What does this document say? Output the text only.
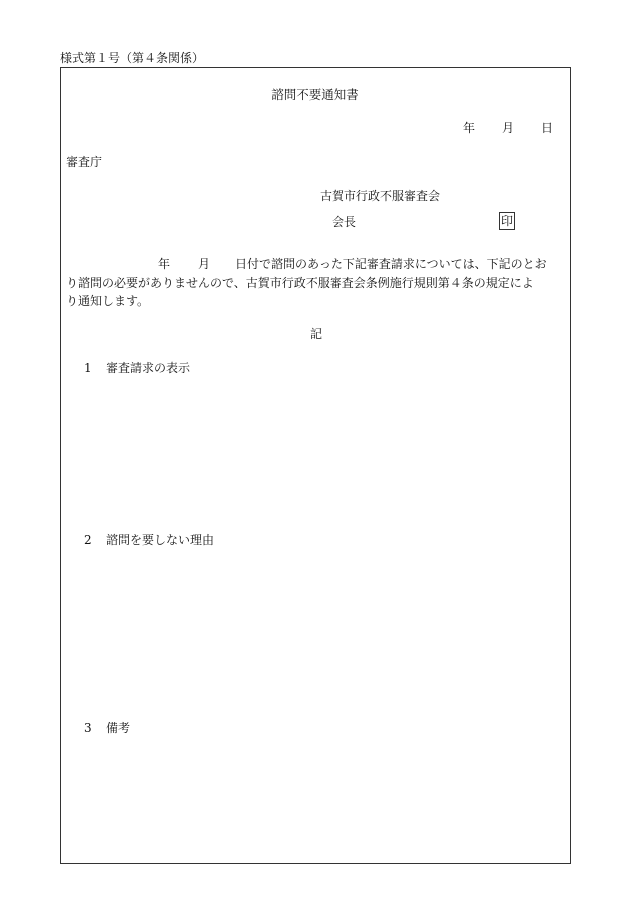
様式第１号（第４条関係）
諮問不要通知書
年 月 日
審査庁
古賀市行政不服審査会
会長	印
年 月 日付で諮問のあった下記審査請求については、下記のとお
り諮問の必要がありませんので、古賀市行政不服審査会条例施行規則第４条の規定によ
り通知します。
記
1 審査請求の表示
2 諮問を要しない理由
3 備考
